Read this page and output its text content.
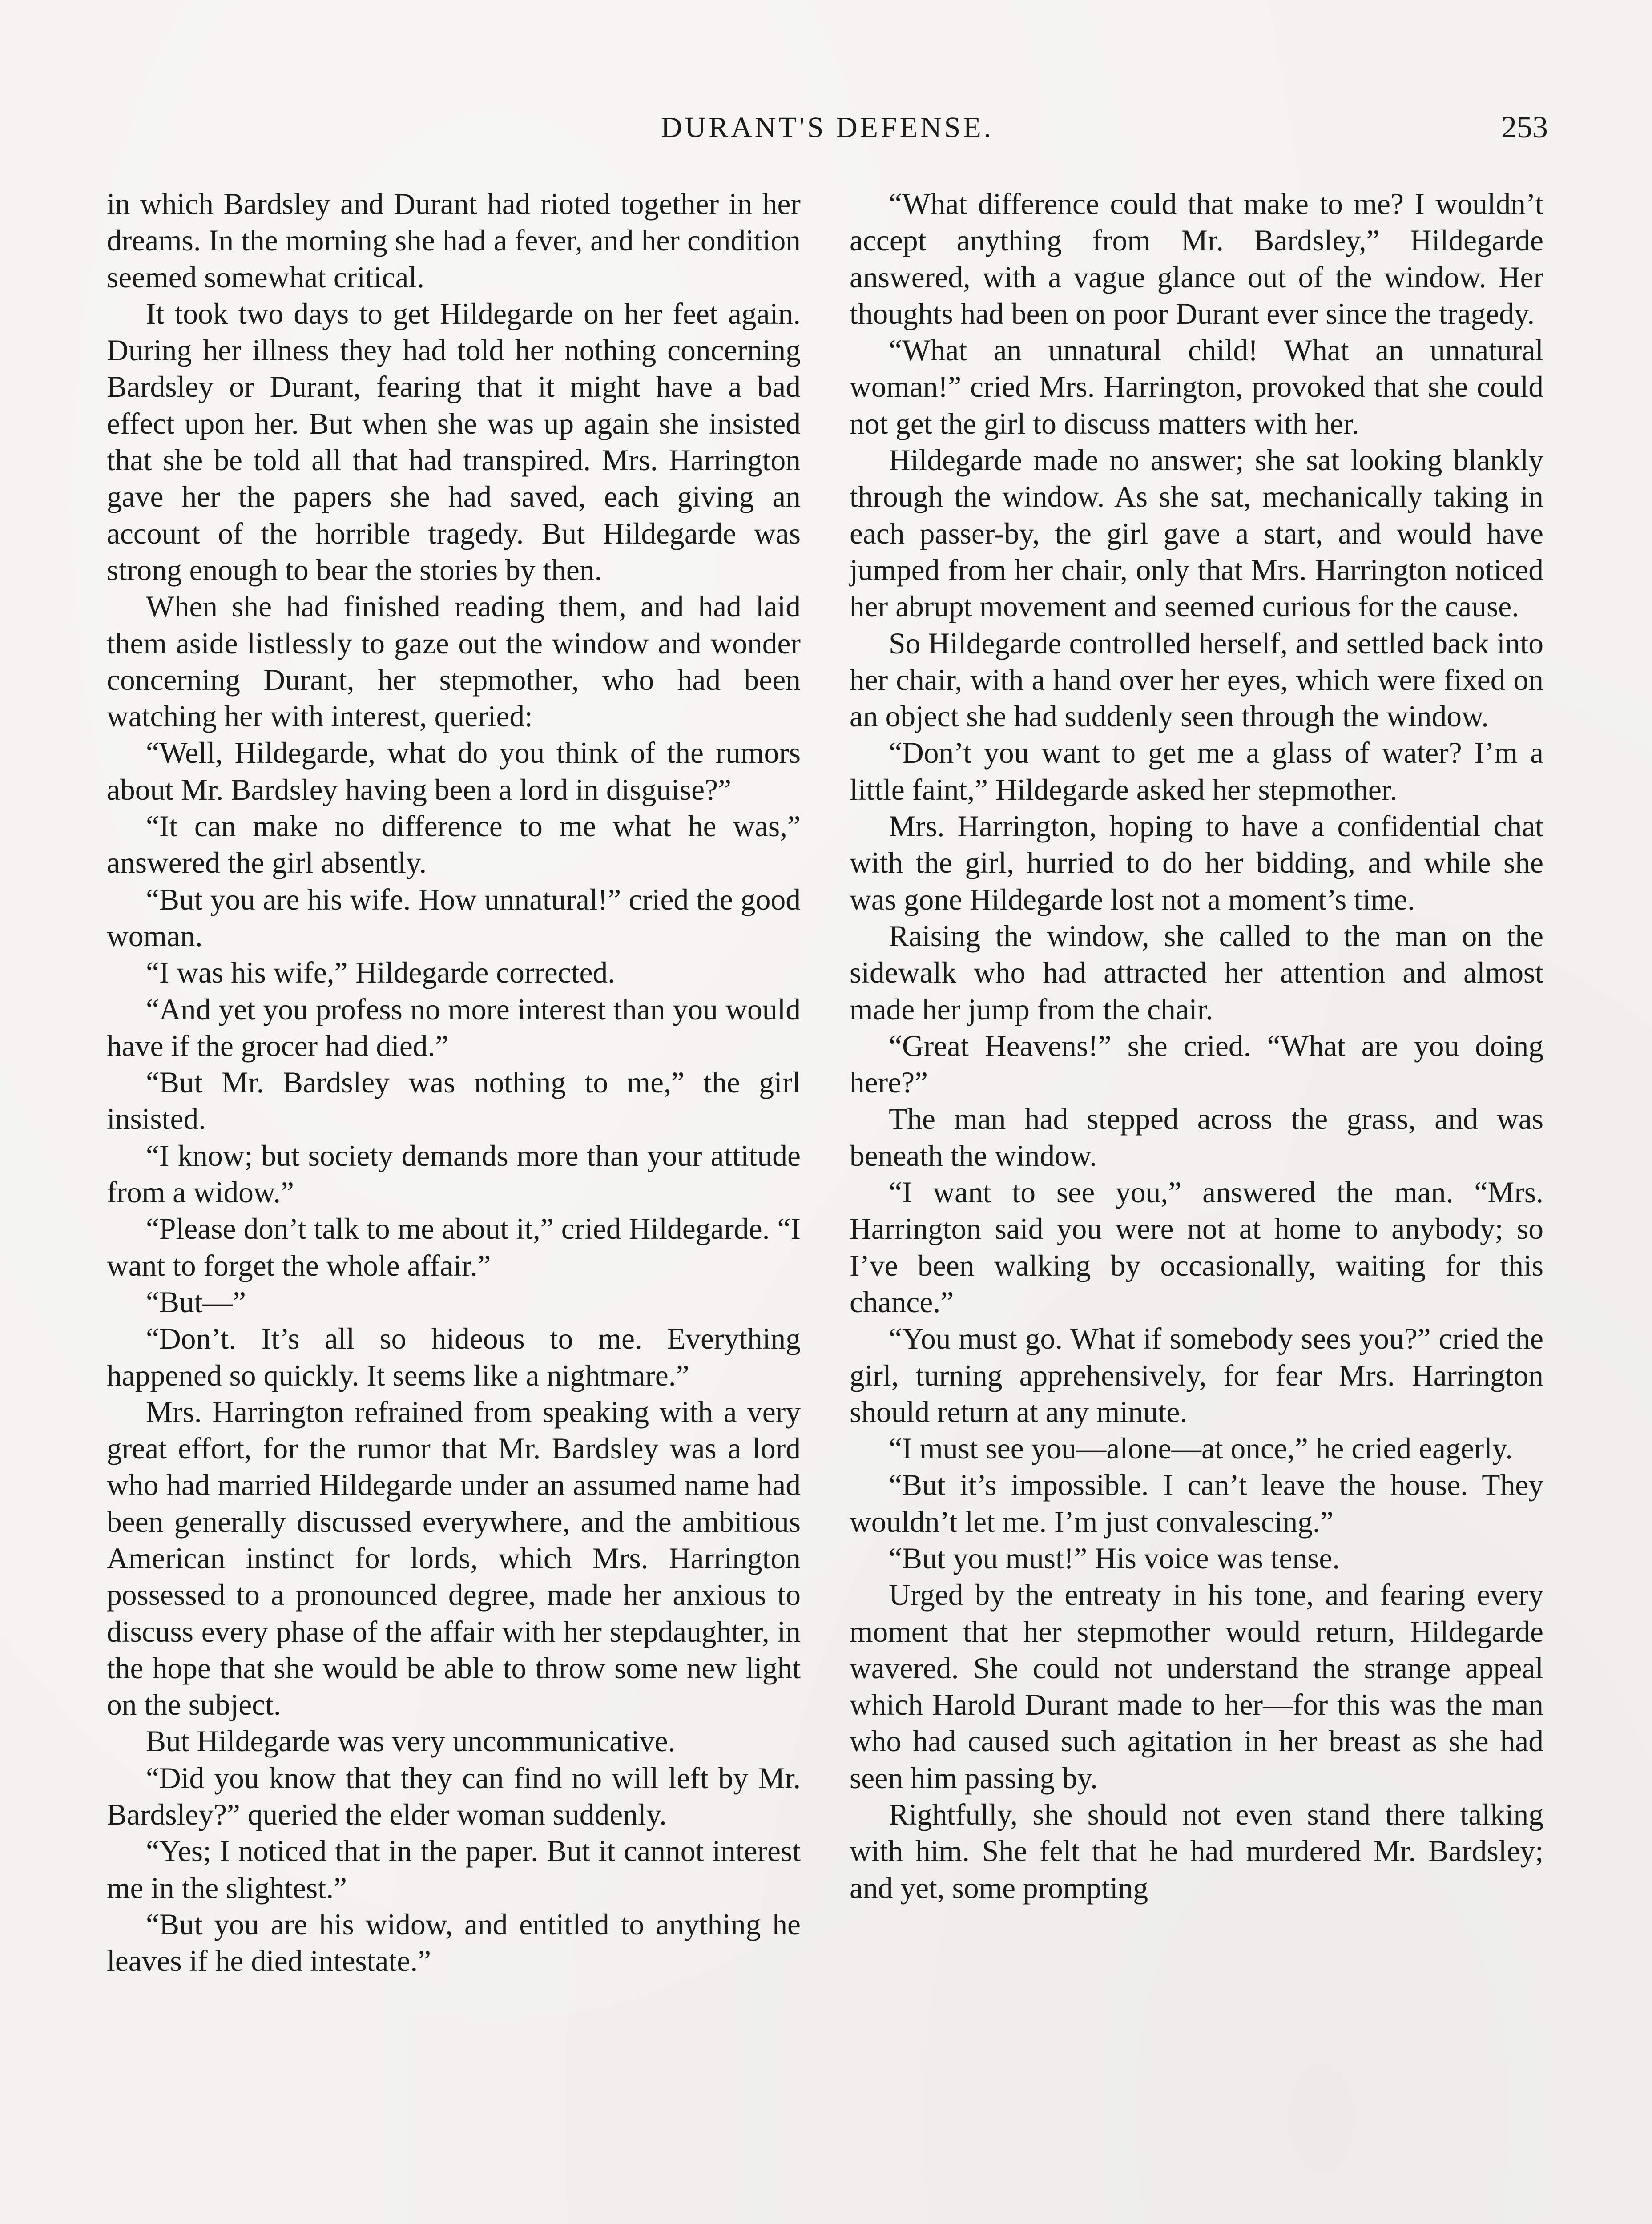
DURANT'S DEFENSE.	253

in which Bardsley and Durant had rioted together in her dreams. In the morning she had a fever, and her condition seemed somewhat critical.

It took two days to get Hildegarde on her feet again. During her illness they had told her nothing concerning Bardsley or Durant, fearing that it might have a bad effect upon her. But when she was up again she insisted that she be told all that had transpired. Mrs. Harrington gave her the papers she had saved, each giving an account of the horrible tragedy. But Hildegarde was strong enough to bear the stories by then.

When she had finished reading them, and had laid them aside listlessly to gaze out the window and wonder concerning Durant, her stepmother, who had been watching her with interest, queried:

“Well, Hildegarde, what do you think of the rumors about Mr. Bardsley having been a lord in disguise?”

“It can make no difference to me what he was,” answered the girl absently.

“But you are his wife. How unnatural!” cried the good woman.

“I was his wife,” Hildegarde corrected.

“And yet you profess no more interest than you would have if the grocer had died.”

“But Mr. Bardsley was nothing to me,” the girl insisted.

“I know; but society demands more than your attitude from a widow.”

“Please don’t talk to me about it,” cried Hildegarde. “I want to forget the whole affair.”

“But—”

“Don’t. It’s all so hideous to me. Everything happened so quickly. It seems like a nightmare.”

Mrs. Harrington refrained from speaking with a very great effort, for the rumor that Mr. Bardsley was a lord who had married Hildegarde under an assumed name had been generally discussed everywhere, and the ambitious American instinct for lords, which Mrs. Harrington possessed to a pronounced degree, made her anxious to discuss every phase of the affair with her stepdaughter, in the hope that she would be able to throw some new light on the subject.

But Hildegarde was very uncommunicative.

“Did you know that they can find no will left by Mr. Bardsley?” queried the elder woman suddenly.

“Yes; I noticed that in the paper. But it cannot interest me in the slightest.”

“But you are his widow, and entitled to anything he leaves if he died intestate.”

“What difference could that make to me? I wouldn’t accept anything from Mr. Bardsley,” Hildegarde answered, with a vague glance out of the window. Her thoughts had been on poor Durant ever since the tragedy.

“What an unnatural child! What an unnatural woman!” cried Mrs. Harrington, provoked that she could not get the girl to discuss matters with her.

Hildegarde made no answer; she sat looking blankly through the window. As she sat, mechanically taking in each passer-by, the girl gave a start, and would have jumped from her chair, only that Mrs. Harrington noticed her abrupt movement and seemed curious for the cause.

So Hildegarde controlled herself, and settled back into her chair, with a hand over her eyes, which were fixed on an object she had suddenly seen through the window.

“Don’t you want to get me a glass of water? I’m a little faint,” Hildegarde asked her stepmother.

Mrs. Harrington, hoping to have a confidential chat with the girl, hurried to do her bidding, and while she was gone Hildegarde lost not a moment’s time.

Raising the window, she called to the man on the sidewalk who had attracted her attention and almost made her jump from the chair.

“Great Heavens!” she cried. “What are you doing here?”

The man had stepped across the grass, and was beneath the window.

“I want to see you,” answered the man. “Mrs. Harrington said you were not at home to anybody; so I’ve been walking by occasionally, waiting for this chance.”

“You must go. What if somebody sees you?” cried the girl, turning apprehensively, for fear Mrs. Harrington should return at any minute.

“I must see you—alone—at once,” he cried eagerly.

“But it’s impossible. I can’t leave the house. They wouldn’t let me. I’m just convalescing.”

“But you must!” His voice was tense.

Urged by the entreaty in his tone, and fearing every moment that her stepmother would return, Hildegarde wavered. She could not understand the strange appeal which Harold Durant made to her—for this was the man who had caused such agitation in her breast as she had seen him passing by.

Rightfully, she should not even stand there talking with him. She felt that he had murdered Mr. Bardsley; and yet, some prompting
